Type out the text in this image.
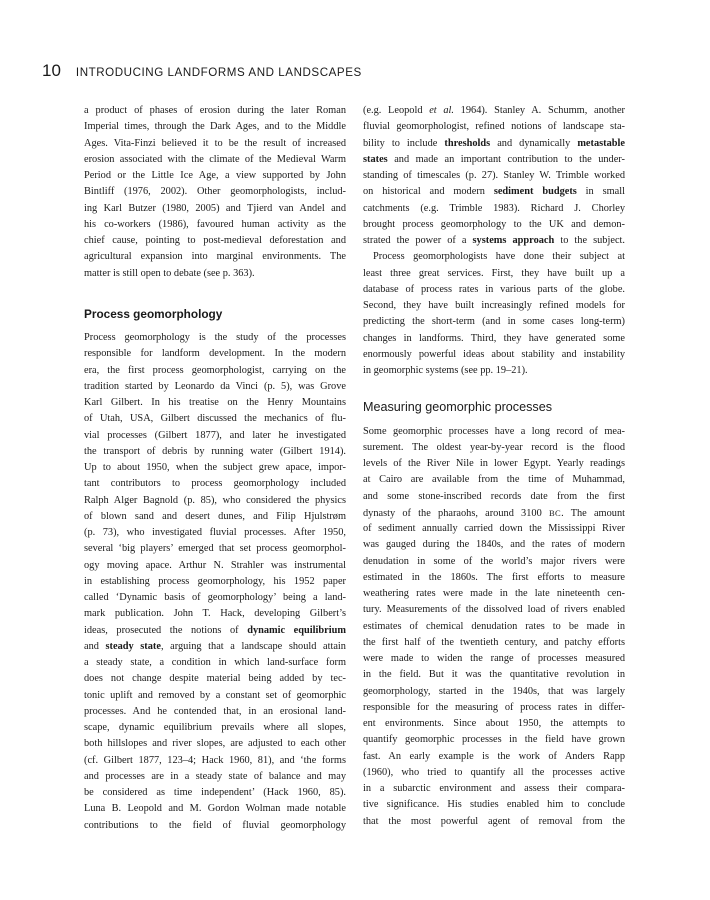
10 INTRODUCING LANDFORMS AND LANDSCAPES
a product of phases of erosion during the later Roman
Imperial times, through the Dark Ages, and to the Middle
Ages. Vita-Finzi believed it to be the result of increased
erosion associated with the climate of the Medieval Warm
Period or the Little Ice Age, a view supported by John
Bintliff (1976, 2002). Other geomorphologists, includ-
ing Karl Butzer (1980, 2005) and Tjierd van Andel and
his co-workers (1986), favoured human activity as the
chief cause, pointing to post-medieval deforestation and
agricultural expansion into marginal environments. The
matter is still open to debate (see p. 363).
Process geomorphology
Process geomorphology is the study of the processes
responsible for landform development. In the modern
era, the first process geomorphologist, carrying on the
tradition started by Leonardo da Vinci (p. 5), was Grove
Karl Gilbert. In his treatise on the Henry Mountains
of Utah, USA, Gilbert discussed the mechanics of flu-
vial processes (Gilbert 1877), and later he investigated
the transport of debris by running water (Gilbert 1914).
Up to about 1950, when the subject grew apace, impor-
tant contributors to process geomorphology included
Ralph Alger Bagnold (p. 85), who considered the physics
of blown sand and desert dunes, and Filip Hjulstrøm
(p. 73), who investigated fluvial processes. After 1950,
several ‘big players’ emerged that set process geomorphol-
ogy moving apace. Arthur N. Strahler was instrumental
in establishing process geomorphology, his 1952 paper
called ‘Dynamic basis of geomorphology’ being a land-
mark publication. John T. Hack, developing Gilbert’s
ideas, prosecuted the notions of dynamic equilibrium
and steady state, arguing that a landscape should attain
a steady state, a condition in which land-surface form
does not change despite material being added by tec-
tonic uplift and removed by a constant set of geomorphic
processes. And he contended that, in an erosional land-
scape, dynamic equilibrium prevails where all slopes,
both hillslopes and river slopes, are adjusted to each other
(cf. Gilbert 1877, 123–4; Hack 1960, 81), and ‘the forms
and processes are in a steady state of balance and may
be considered as time independent’ (Hack 1960, 85).
Luna B. Leopold and M. Gordon Wolman made notable
contributions to the field of fluvial geomorphology
(e.g. Leopold et al. 1964). Stanley A. Schumm, another
fluvial geomorphologist, refined notions of landscape sta-
bility to include thresholds and dynamically metastable
states and made an important contribution to the under-
standing of timescales (p. 27). Stanley W. Trimble worked
on historical and modern sediment budgets in small
catchments (e.g. Trimble 1983). Richard J. Chorley
brought process geomorphology to the UK and demon-
strated the power of a systems approach to the subject.
Process geomorphologists have done their subject at
least three great services. First, they have built up a
database of process rates in various parts of the globe.
Second, they have built increasingly refined models for
predicting the short-term (and in some cases long-term)
changes in landforms. Third, they have generated some
enormously powerful ideas about stability and instability
in geomorphic systems (see pp. 19–21).
Measuring geomorphic processes
Some geomorphic processes have a long record of mea-
surement. The oldest year-by-year record is the flood
levels of the River Nile in lower Egypt. Yearly readings
at Cairo are available from the time of Muhammad,
and some stone-inscribed records date from the first
dynasty of the pharaohs, around 3100 BC. The amount
of sediment annually carried down the Mississippi River
was gauged during the 1840s, and the rates of modern
denudation in some of the world’s major rivers were
estimated in the 1860s. The first efforts to measure
weathering rates were made in the late nineteenth cen-
tury. Measurements of the dissolved load of rivers enabled
estimates of chemical denudation rates to be made in
the first half of the twentieth century, and patchy efforts
were made to widen the range of processes measured
in the field. But it was the quantitative revolution in
geomorphology, started in the 1940s, that was largely
responsible for the measuring of process rates in differ-
ent environments. Since about 1950, the attempts to
quantify geomorphic processes in the field have grown
fast. An early example is the work of Anders Rapp
(1960), who tried to quantify all the processes active
in a subarctic environment and assess their compara-
tive significance. His studies enabled him to conclude
that the most powerful agent of removal from the
